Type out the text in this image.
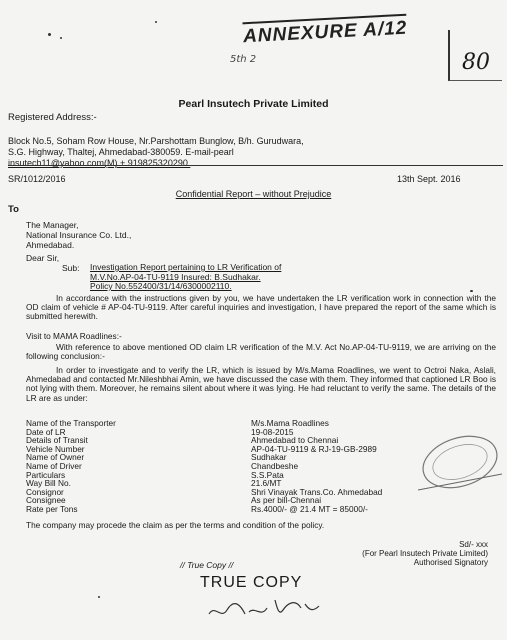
ANNEXURE A/12
80
5th 2
Pearl Insutech Private Limited
Registered Address:-
Block No.5, Soham Row House, Nr.Parshottam Bunglow, B/h. Gurudwara,
S.G. Highway, Thaltej, Ahmedabad-380059. E-mail-pearl
insutech11@yahoo.com(M) + 919825320290.
SR/1012/2016	13th Sept. 2016
Confidential Report – without Prejudice
To
The Manager,
National Insurance Co. Ltd.,
Ahmedabad.
Dear Sir,
Sub: Investigation Report pertaining to LR Verification of
M.V.No.AP-04-TU-9119 Insured: B.Sudhakar.
Policy No.552400/31/14/6300002110.
In accordance with the instructions given by you, we have undertaken the LR verification work in connection with the OD claim of vehicle # AP-04-TU-9119. After careful inquiries and investigation, I have prepared the report of the same which is submitted herewith.
Visit to MAMA Roadlines:-
With reference to above mentioned OD claim LR verification of the M.V. Act No.AP-04-TU-9119, we are arriving on the following conclusion:-
In order to investigate and to verify the LR, which is issued by M/s.Mama Roadlines, we went to Octroi Naka, Aslali, Ahmedabad and contacted Mr.Nileshbhai Amin, we have discussed the case with them. They informed that captioned LR Boo is not lying with them. Moreover, he remains silent about where it was lying. He had reluctant to verify the same. The details of the LR are as under:
Name of the Transporter	M/s.Mama Roadlines
Date of LR	19-08-2015
Details of Transit	Ahmedabad to Chennai
Vehicle Number	AP-04-TU-9119 & RJ-19-GB-2989
Name of Owner	Sudhakar
Name of Driver	Chandbeshe
Particulars	S.S.Pata
Way Bill No.	21.6/MT
Consignor	Shri Vinayak Trans.Co. Ahmedabad
Consignee	As per bill-Chennai
Rate per Tons	Rs.4000/- @ 21.4 MT = 85000/-
The company may procede the claim as per the terms and condition of the policy.
Sd/- xxx
(For Pearl Insutech Private Limited)
Authorised Signatory
// True Copy //
TRUE COPY
